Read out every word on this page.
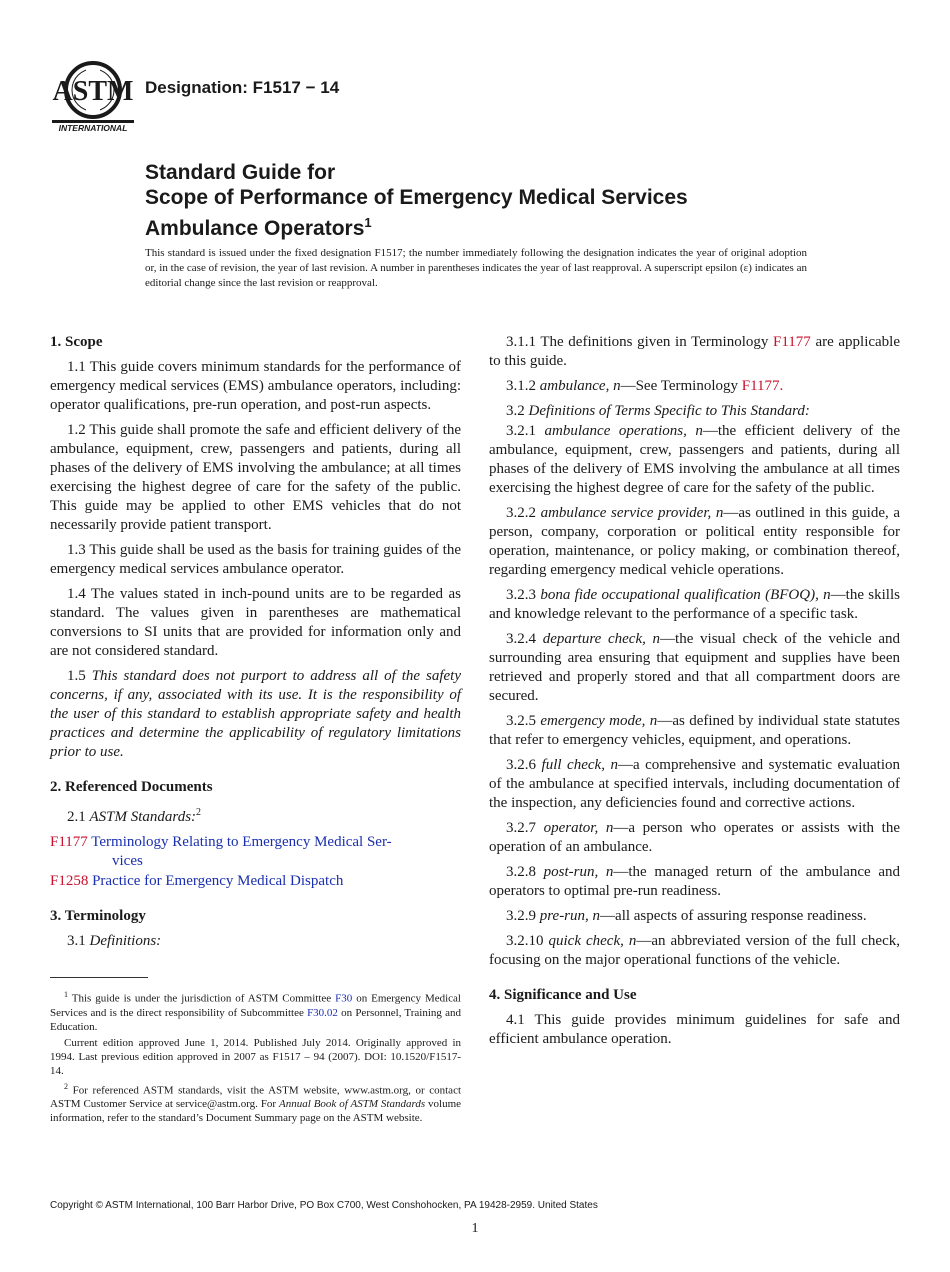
ASTM
INTERNATIONAL
Designation: F1517 − 14
Standard Guide for
Scope of Performance of Emergency Medical Services
Ambulance Operators$^1$
This standard is issued under the fixed designation F1517; the number immediately following the designation indicates the year of original adoption or, in the case of revision, the year of last revision. A number in parentheses indicates the year of last reapproval. A superscript epsilon (ε) indicates an editorial change since the last revision or reapproval.
1. Scope

1.1 This guide covers minimum standards for the performance of emergency medical services (EMS) ambulance operators, including: operator qualifications, pre-run operation, and post-run aspects.

1.2 This guide shall promote the safe and efficient delivery of the ambulance, equipment, crew, passengers and patients, during all phases of the delivery of EMS involving the ambulance; at all times exercising the highest degree of care for the safety of the public. This guide may be applied to other EMS vehicles that do not necessarily provide patient transport.

1.3 This guide shall be used as the basis for training guides of the emergency medical services ambulance operator.

1.4 The values stated in inch-pound units are to be regarded as standard. The values given in parentheses are mathematical conversions to SI units that are provided for information only and are not considered standard.

1.5 This standard does not purport to address all of the safety concerns, if any, associated with its use. It is the responsibility of the user of this standard to establish appropriate safety and health practices and determine the applicability of regulatory limitations prior to use.

2. Referenced Documents

2.1 ASTM Standards:$^2$

F1177 Terminology Relating to Emergency Medical Ser-
vices
F1258 Practice for Emergency Medical Dispatch
3. Terminology

3.1 Definitions:

$^1$ This guide is under the jurisdiction of ASTM Committee F30 on Emergency Medical Services and is the direct responsibility of Subcommittee F30.02 on Personnel, Training and Education.

Current edition approved June 1, 2014. Published July 2014. Originally approved in 1994. Last previous edition approved in 2007 as F1517 – 94 (2007). DOI: 10.1520/F1517-14.

$^2$ For referenced ASTM standards, visit the ASTM website, www.astm.org, or contact ASTM Customer Service at service@astm.org. For Annual Book of ASTM Standards volume information, refer to the standard’s Document Summary page on the ASTM website.

3.1.1 The definitions given in Terminology F1177 are applicable to this guide.

3.1.2 ambulance, n—See Terminology F1177.

3.2 Definitions of Terms Specific to This Standard:

3.2.1 ambulance operations, n—the efficient delivery of the ambulance, equipment, crew, passengers and patients, during all phases of the delivery of EMS involving the ambulance at all times exercising the highest degree of care for the safety of the public.

3.2.2 ambulance service provider, n—as outlined in this guide, a person, company, corporation or political entity responsible for operation, maintenance, or policy making, or combination thereof, regarding emergency medical vehicle operations.

3.2.3 bona fide occupational qualification (BFOQ), n—the skills and knowledge relevant to the performance of a specific task.

3.2.4 departure check, n—the visual check of the vehicle and surrounding area ensuring that equipment and supplies have been retrieved and properly stored and that all compartment doors are secured.

3.2.5 emergency mode, n—as defined by individual state statutes that refer to emergency vehicles, equipment, and operations.

3.2.6 full check, n—a comprehensive and systematic evaluation of the ambulance at specified intervals, including documentation of the inspection, any deficiencies found and corrective actions.

3.2.7 operator, n—a person who operates or assists with the operation of an ambulance.

3.2.8 post-run, n—the managed return of the ambulance and operators to optimal pre-run readiness.

3.2.9 pre-run, n—all aspects of assuring response readiness.

3.2.10 quick check, n—an abbreviated version of the full check, focusing on the major operational functions of the vehicle.

4. Significance and Use

4.1 This guide provides minimum guidelines for safe and efficient ambulance operation.

Copyright © ASTM International, 100 Barr Harbor Drive, PO Box C700, West Conshohocken, PA 19428-2959. United States
1
